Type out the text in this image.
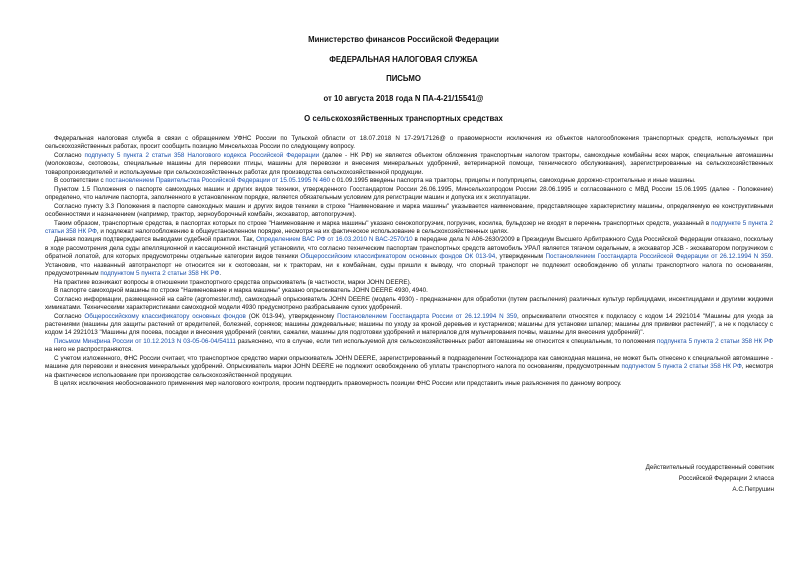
Министерство финансов Российской Федерации
ФЕДЕРАЛЬНАЯ НАЛОГОВАЯ СЛУЖБА
ПИСЬМО
от 10 августа 2018 года N ПА-4-21/15541@
О сельскохозяйственных транспортных средствах

Федеральная налоговая служба в связи с обращением УФНС России по Тульской области от 18.07.2018 N 17-29/17126@ о правомерности исключения из объектов налогообложения транспортных средств, используемых при сельскохозяйственных работах, просит сообщить позицию Минсельхоза России по следующему вопросу.

Согласно подпункту 5 пункта 2 статьи 358 Налогового кодекса Российской Федерации (далее - НК РФ) не является объектом обложения транспортным налогом тракторы, самоходные комбайны всех марок, специальные автомашины (молоковозы, скотовозы, специальные машины для перевозки птицы, машины для перевозки и внесения минеральных удобрений, ветеринарной помощи, технического обслуживания), зарегистрированные на сельскохозяйственных товаропроизводителей и используемые при сельскохозяйственных работах для производства сельскохозяйственной продукции.

В соответствии с постановлением Правительства Российской Федерации от 15.05.1995 N 460 с 01.09.1995 введены паспорта на тракторы, прицепы и полуприцепы, самоходные дорожно-строительные и иные машины.

Пунктом 1.5 Положения о паспорте самоходных машин и других видов техники, утвержденного Госстандартом России 26.06.1995, Минсельхозпродом России 28.06.1995 и согласованного с МВД России 15.06.1995 (далее - Положение) определено, что наличие паспорта, заполненного в установленном порядке, является обязательным условием для регистрации машин и допуска их к эксплуатации.

Согласно пункту 3.3 Положения в паспорте самоходных машин и других видов техники в строке "Наименование и марка машины" указывается наименование, представляющее характеристику машины, определяемую ее конструктивными особенностями и назначением (например, трактор, зерноуборочный комбайн, экскаватор, автопогрузчик).

Таким образом, транспортные средства, в паспортах которых по строке "Наименование и марка машины" указано сенокопогрузчик, погрузчик, косилка, бульдозер не входят в перечень транспортных средств, указанный в подпункте 5 пункта 2 статьи 358 НК РФ, и подлежат налогообложению в общеустановленном порядке, несмотря на их фактическое использование в сельскохозяйственных целях.

Данная позиция подтверждается выводами судебной практики. Так, Определением ВАС РФ от 16.03.2010 N ВАС-2570/10 в передаче дела N А06-2630/2009 в Президиум Высшего Арбитражного Суда Российской Федерации отказано, поскольку в ходе рассмотрения дела суды апелляционной и кассационной инстанций установили, что согласно техническим паспортам транспортных средств автомобиль УРАЛ является тягачом седельным, а экскаватор JCB - экскаватором погрузчиком с обратной лопатой, для которых предусмотрены отдельные категории видов техники Общероссийским классификатором основных фондов ОК 013-94, утвержденным Постановлением Госстандарта Российской Федерации от 26.12.1994 N 359. Установив, что названный автотранспорт не относится ни к скотовозам, ни к тракторам, ни к комбайнам, суды пришли к выводу, что спорный транспорт не подлежит освобождению об уплаты транспортного налога по основаниям, предусмотренным подпунктом 5 пункта 2 статьи 358 НК РФ.

На практике возникают вопросы в отношении транспортного средства опрыскиватель (в частности, марки JOHN DEERE).

В паспорте самоходной машины по строке "Наименование и марка машины" указано опрыскиватель JOHN DEERE 4930, 4940.

Согласно информации, размещенной на сайте (agromester.md), самоходный опрыскиватель JOHN DEERE (модель 4930) - предназначен для обработки (путем распыления) различных культур гербицидами, инсектицидами и другими жидкими химикатами. Техническими характеристиками самоходной модели 4930 предусмотрено разбрасывание сухих удобрений.

Согласно Общероссийскому классификатору основных фондов (ОК 013-94), утвержденному Постановлением Госстандарта России от 26.12.1994 N 359, опрыскиватели относятся к подклассу с кодом 14 2921014 "Машины для ухода за растениями (машины для защиты растений от вредителей, болезней, сорняков; машины дождевальные; машины по уходу за кроной деревьев и кустарников; машины для установки шпалер; машины для прививки растений)", а не к подклассу с кодом 14 2921013 "Машины для посева, посадки и внесения удобрений (сеялки, сажалки, машины для подготовки удобрений и материалов для мульчирования почвы, машины для внесения удобрений)".

Письмом Минфина России от 10.12.2013 N 03-05-06-04/54111 разъяснено, что в случае, если тип используемой для сельскохозяйственных работ автомашины не относится к специальным, то положения подпункта 5 пункта 2 статьи 358 НК РФ на него не распространяются.

С учетом изложенного, ФНС России считает, что транспортное средство марки опрыскиватель JOHN DEERE, зарегистрированный в подразделении Гостехнадзора как самоходная машина, не может быть отнесено к специальной автомашине - машине для перевозки и внесения минеральных удобрений. Опрыскиватель марки JOHN DEERE не подлежит освобождению об уплаты транспортного налога по основаниям, предусмотренным подпунктом 5 пункта 2 статьи 358 НК РФ, несмотря на фактическое использование при производстве сельскохозяйственной продукции.

В целях исключения необоснованного применения мер налогового контроля, просим подтвердить правомерность позиции ФНС России или представить иные разъяснения по данному вопросу.

Действительный государственный советник
Российской Федерации 2 класса
А.С.Петрушин
